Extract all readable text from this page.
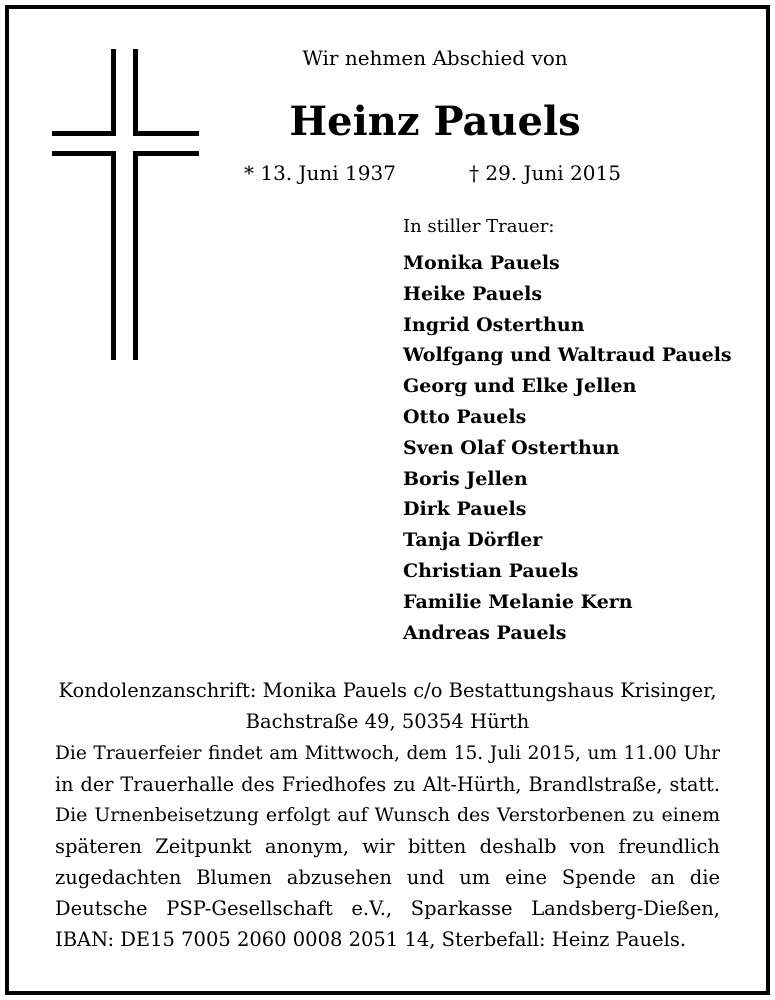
Wir nehmen Abschied von
Heinz Pauels
* 13. Juni 1937	† 29. Juni 2015
In stiller Trauer:
Monika Pauels
Heike Pauels
Ingrid Osterthun
Wolfgang und Waltraud Pauels
Georg und Elke Jellen
Otto Pauels
Sven Olaf Osterthun
Boris Jellen
Dirk Pauels
Tanja Dörfler
Christian Pauels
Familie Melanie Kern
Andreas Pauels
Kondolenzanschrift: Monika Pauels c/o Bestattungshaus Krisinger,
Bachstraße 49, 50354 Hürth
Die Trauerfeier findet am Mittwoch, dem 15. Juli 2015, um 11.00 Uhr
in der Trauerhalle des Friedhofes zu Alt-Hürth, Brandlstraße, statt.
Die Urnenbeisetzung erfolgt auf Wunsch des Verstorbenen zu einem
späteren Zeitpunkt anonym, wir bitten deshalb von freundlich
zugedachten Blumen abzusehen und um eine Spende an die
Deutsche PSP-Gesellschaft e.V., Sparkasse Landsberg-Dießen,
IBAN: DE15 7005 2060 0008 2051 14, Sterbefall: Heinz Pauels.
